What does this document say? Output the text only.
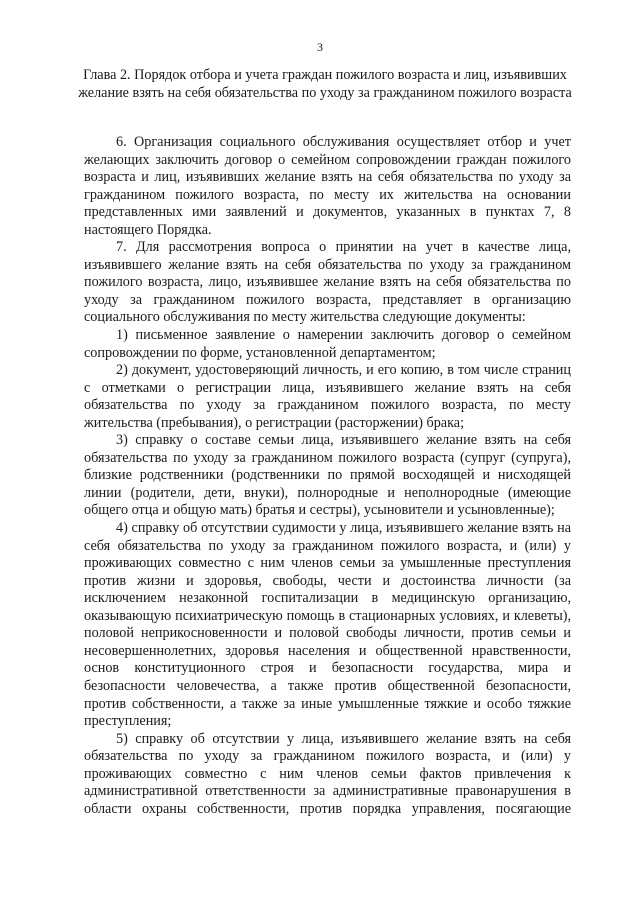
3
Глава 2. Порядок отбора и учета граждан пожилого возраста и лиц, изъявивших желание взять на себя обязательства по уходу за гражданином пожилого возраста

6. Организация социального обслуживания осуществляет отбор и учет желающих заключить договор о семейном сопровождении граждан пожилого возраста и лиц, изъявивших желание взять на себя обязательства по уходу за гражданином пожилого возраста, по месту их жительства на основании представленных ими заявлений и документов, указанных в пунктах 7, 8 настоящего Порядка.

7. Для рассмотрения вопроса о принятии на учет в качестве лица, изъявившего желание взять на себя обязательства по уходу за гражданином пожилого возраста, лицо, изъявившее желание взять на себя обязательства по уходу за гражданином пожилого возраста, представляет в организацию социального обслуживания по месту жительства следующие документы:

1) письменное заявление о намерении заключить договор о семейном сопровождении по форме, установленной департаментом;

2) документ, удостоверяющий личность, и его копию, в том числе страниц с отметками о регистрации лица, изъявившего желание взять на себя обязательства по уходу за гражданином пожилого возраста, по месту жительства (пребывания), о регистрации (расторжении) брака;

3) справку о составе семьи лица, изъявившего желание взять на себя обязательства по уходу за гражданином пожилого возраста (супруг (супруга), близкие родственники (родственники по прямой восходящей и нисходящей линии (родители, дети, внуки), полнородные и неполнородные (имеющие общего отца и общую мать) братья и сестры), усыновители и усыновленные);

4) справку об отсутствии судимости у лица, изъявившего желание взять на себя обязательства по уходу за гражданином пожилого возраста, и (или) у проживающих совместно с ним членов семьи за умышленные преступления против жизни и здоровья, свободы, чести и достоинства личности (за исключением незаконной госпитализации в медицинскую организацию, оказывающую психиатрическую помощь в стационарных условиях, и клеветы), половой неприкосновенности и половой свободы личности, против семьи и несовершеннолетних, здоровья населения и общественной нравственности, основ конституционного строя и безопасности государства, мира и безопасности человечества, а также против общественной безопасности, против собственности, а также за иные умышленные тяжкие и особо тяжкие преступления;

5) справку об отсутствии у лица, изъявившего желание взять на себя обязательства по уходу за гражданином пожилого возраста, и (или) у проживающих совместно с ним членов семьи фактов привлечения к административной ответственности за административные правонарушения в области охраны собственности, против порядка управления, посягающие
